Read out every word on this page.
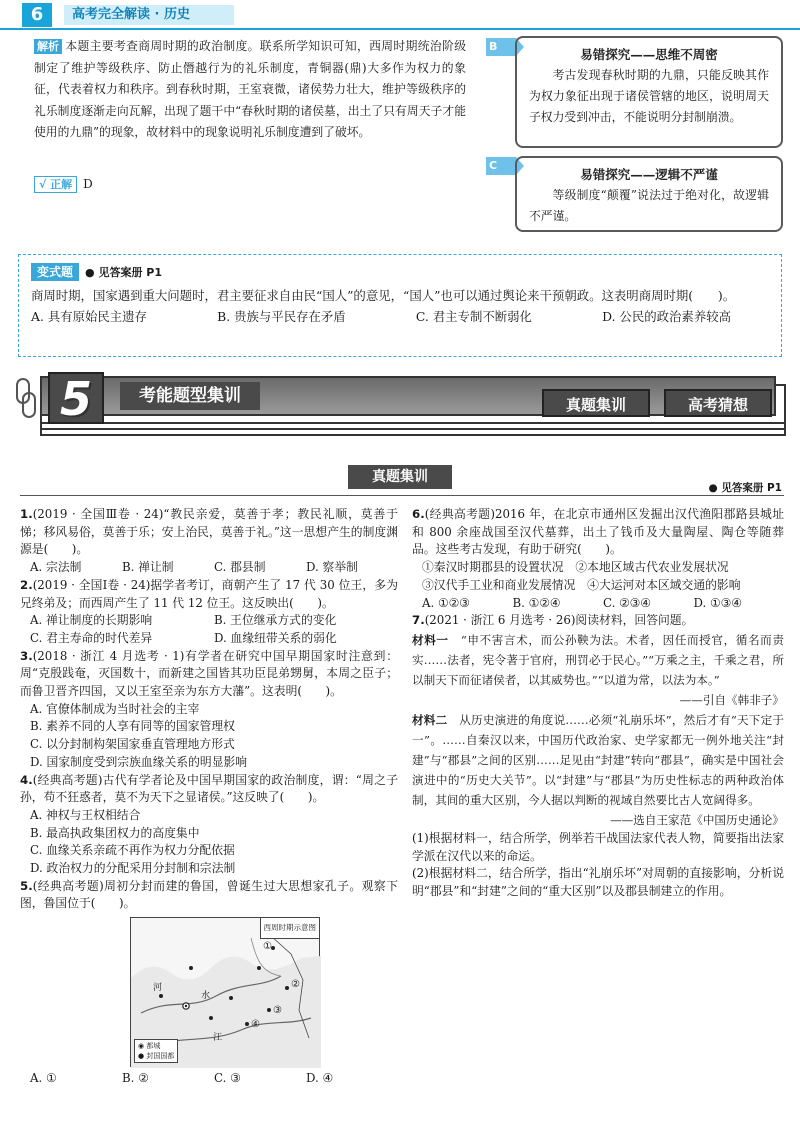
6	高考完全解读 · 历史
解析 本题主要考查商周时期的政治制度。联系所学知识可知，西周时期统治阶级制定了维护等级秩序、防止僭越行为的礼乐制度，青铜器(鼎)大多作为权力的象征，代表着权力和秩序。到春秋时期，王室衰微，诸侯势力壮大，维护等级秩序的礼乐制度逐渐走向瓦解，出现了题干中“春秋时期的诸侯墓，出土了只有周天子才能使用的九鼎”的现象，故材料中的现象说明礼乐制度遭到了破坏。
√ 正解 D
B
易错探究——思维不周密
考古发现春秋时期的九鼎，只能反映其作为权力象征出现于诸侯管辖的地区，说明周天子权力受到冲击，不能说明分封制崩溃。
C
易错探究——逻辑不严谨
等级制度“颠覆”说法过于绝对化，故逻辑不严谨。
变式题 ● 见答案册 P1
商周时期，国家遇到重大问题时，君主要征求自由民“国人”的意见，“国人”也可以通过舆论来干预朝政。这表明商周时期(　　)。
A. 具有原始民主遗存	B. 贵族与平民存在矛盾	C. 君主专制不断弱化	D. 公民的政治素养较高
5	考能题型集训	真题集训	高考猜想
真题集训
● 见答案册 P1
1.(2019 · 全国Ⅲ卷 · 24)“教民亲爱，莫善于孝；教民礼顺，莫善于悌；移风易俗，莫善于乐；安上治民，莫善于礼。”这一思想产生的制度渊源是(　　)。
A. 宗法制	B. 禅让制	C. 郡县制	D. 察举制
2.(2019 · 全国Ⅰ卷 · 24)据学者考订，商朝产生了 17 代 30 位王，多为兄终弟及；而西周产生了 11 代 12 位王。这反映出(　　)。
A. 禅让制度的长期影响	B. 王位继承方式的变化
C. 君主寿命的时代差异	D. 血缘纽带关系的弱化
3.(2018 · 浙江 4 月选考 · 1)有学者在研究中国早期国家时注意到：周“克殷践奄，灭国数十，而新建之国皆其功臣昆弟甥舅，本周之臣子；而鲁卫晋齐四国，又以王室至亲为东方大藩”。这表明(　　)。
A. 官僚体制成为当时社会的主宰
B. 素养不同的人享有同等的国家管理权
C. 以分封制构架国家垂直管理地方形式
D. 国家制度受到宗族血缘关系的明显影响
4.(经典高考题)古代有学者论及中国早期国家的政治制度，谓：“周之子孙，苟不狂惑者，莫不为天下之显诸侯。”这反映了(　　)。
A. 神权与王权相结合
B. 最高执政集团权力的高度集中
C. 血缘关系亲疏不再作为权力分配依据
D. 政治权力的分配采用分封制和宗法制
5.(经典高考题)周初分封而建的鲁国，曾诞生过大思想家孔子。观察下图，鲁国位于(　　)。
河
水
江
①
②
③
④
西周时期示意图
◉ 都城
● 封国国都
A. ①	B. ②	C. ③	D. ④
6.(经典高考题)2016 年，在北京市通州区发掘出汉代渔阳郡路县城址和 800 余座战国至汉代墓葬，出土了钱币及大量陶屋、陶仓等随葬品。这些考古发现，有助于研究(　　)。
①秦汉时期郡县的设置状况　②本地区域古代农业发展状况
③汉代手工业和商业发展情况　④大运河对本区域交通的影响
A. ①②③	B. ①②④	C. ②③④	D. ①③④
7.(2021 · 浙江 6 月选考 · 26)阅读材料，回答问题。
材料一　 “申不害言术，而公孙鞅为法。术者，因任而授官，循名而责实……法者，宪令著于官府，刑罚必于民心。”“万乘之主，千乘之君，所以制天下而征诸侯者，以其威势也。”“以道为常，以法为本。”
——引自《韩非子》
材料二　 从历史演进的角度说……必须“礼崩乐坏”，然后才有“天下定于一”。……自秦汉以来，中国历代政治家、史学家都无一例外地关注“封建”与“郡县”之间的区别……足见由“封建”转向“郡县”，确实是中国社会演进中的“历史大关节”。以“封建”与“郡县”为历史性标志的两种政治体制，其间的重大区别，今人据以判断的视域自然要比古人宽阔得多。
——选自王家范《中国历史通论》
(1)根据材料一，结合所学，例举若干战国法家代表人物，简要指出法家学派在汉代以来的命运。
(2)根据材料二，结合所学，指出“礼崩乐坏”对周朝的直接影响，分析说明“郡县”和“封建”之间的“重大区别”以及郡县制建立的作用。
